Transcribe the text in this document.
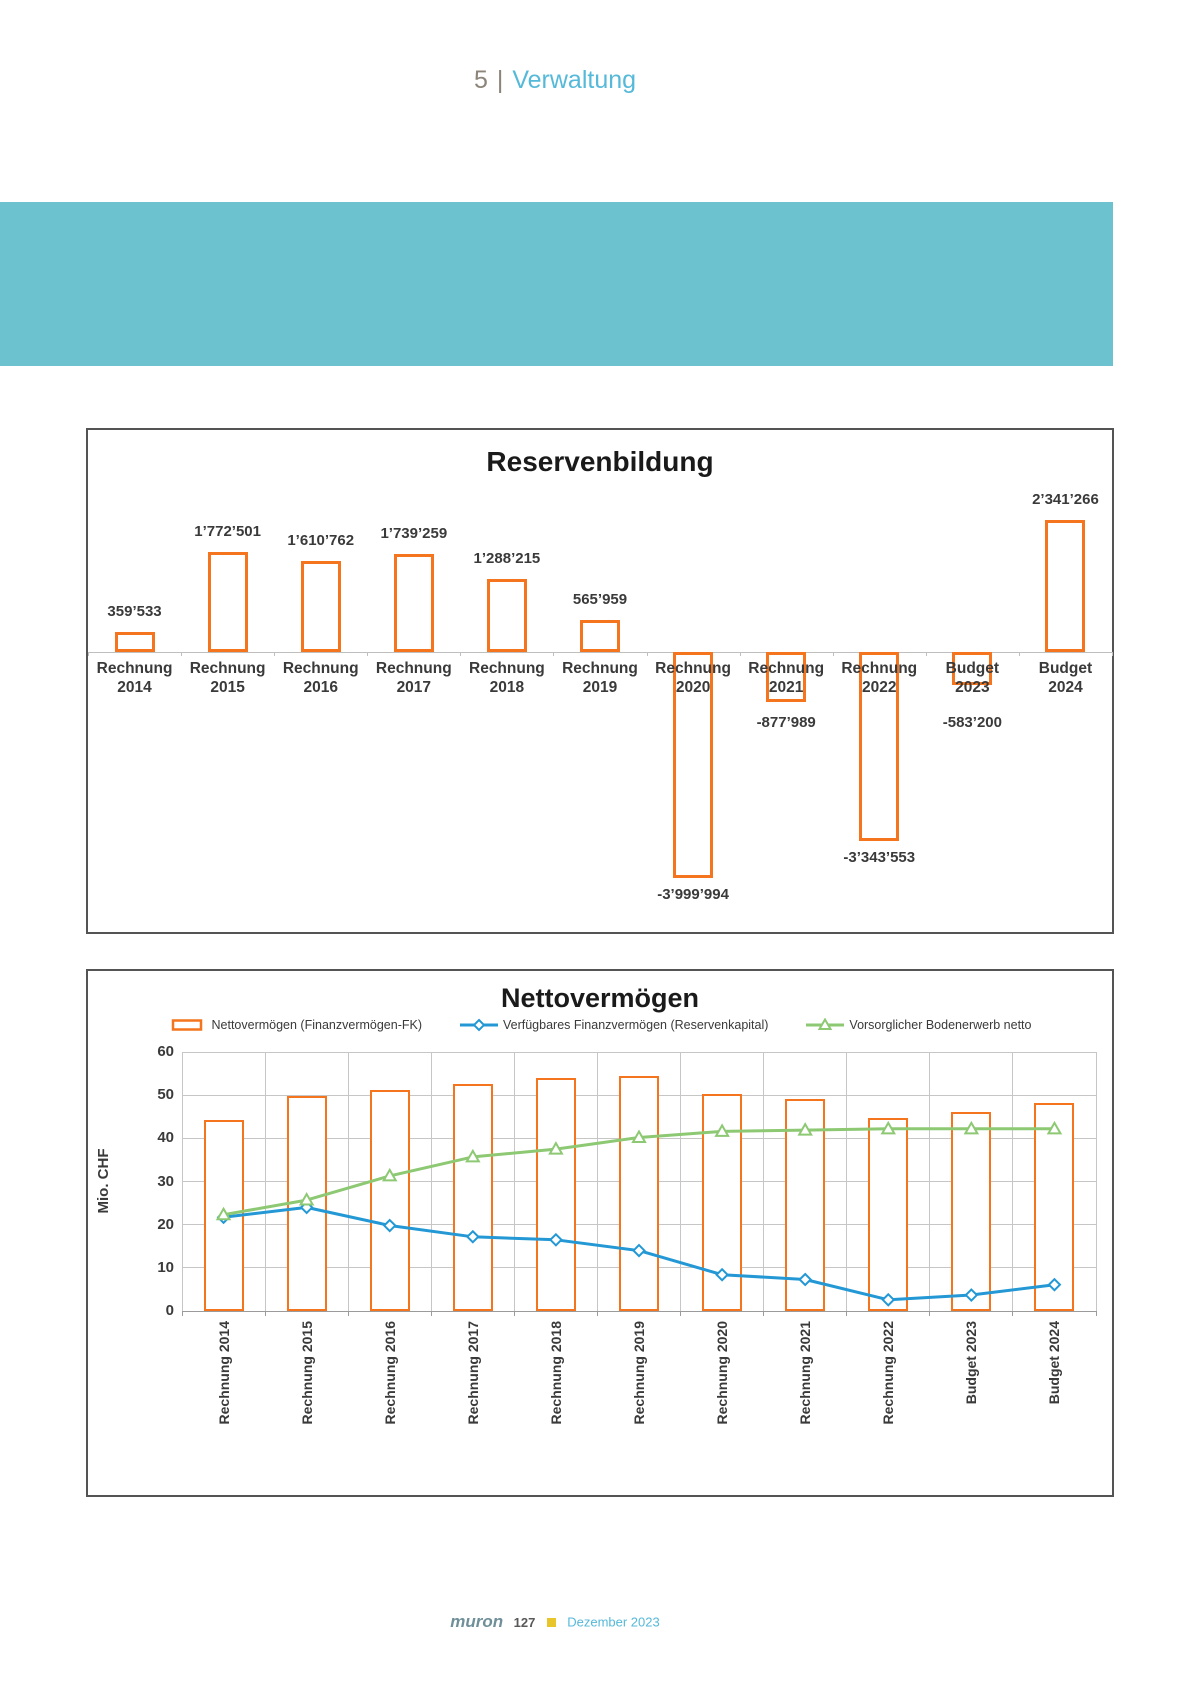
5 | Verwaltung
Reservenbildung
359’533
Rechnung
2014
1’772’501
Rechnung
2015
1’610’762
Rechnung
2016
1’739’259
Rechnung
2017
1’288’215
Rechnung
2018
565’959
Rechnung
2019
-3’999’994
Rechnung
2020
-877’989
Rechnung
2021
-3’343’553
Rechnung
2022
-583’200
Budget
2023
2’341’266
Budget
2024
Nettovermögen
Nettovermögen (Finanzvermögen-FK)	Verfügbares Finanzvermögen (Reservenkapital)	Vorsorglicher Bodenerwerb netto
Mio. CHF
0
10
20
30
40
50
60
Rechnung 2014	Rechnung 2015	Rechnung 2016	Rechnung 2017	Rechnung 2018	Rechnung 2019	Rechnung 2020	Rechnung 2021	Rechnung 2022	Budget 2023	Budget 2024
muron 127 Dezember 2023
